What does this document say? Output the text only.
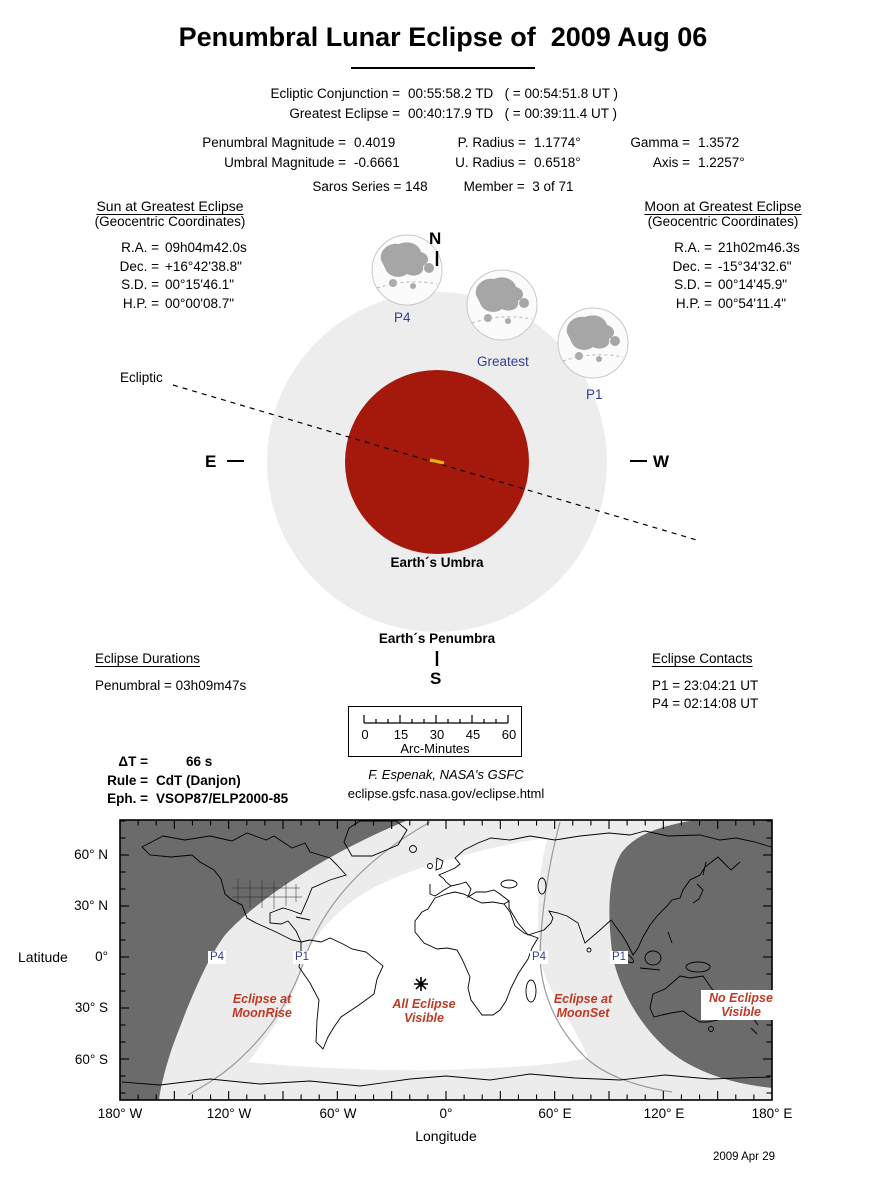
Penumbral Lunar Eclipse of  2009 Aug 06
Ecliptic Conjunction = 00:55:58.2 TD   ( = 00:54:51.8 UT )
Greatest Eclipse = 00:40:17.9 TD   ( = 00:39:11.4 UT )
Penumbral Magnitude = 0.4019
Umbral Magnitude = -0.6661
P. Radius = 1.1774°
U. Radius = 0.6518°
Gamma = 1.3572
Axis = 1.2257°
Saros Series = 148	Member =  3 of 71
Sun at Greatest Eclipse
(Geocentric Coordinates)
R.A. = 09h04m42.0s
Dec. = +16°42'38.8"
S.D. = 00°15'46.1"
H.P. = 00°00'08.7"
Moon at Greatest Eclipse
(Geocentric Coordinates)
R.A. = 21h02m46.3s
Dec. = -15°34'32.6"
S.D. = 00°14'45.9"
H.P. = 00°54'11.4"
Ecliptic
N
S
E	W
P4
Greatest
P1
Earth´s Umbra
Earth´s Penumbra
Eclipse Durations
Penumbral = 03h09m47s
Eclipse Contacts
P1 = 23:04:21 UT
P4 = 02:14:08 UT
0	15	30	45	60
Arc-Minutes
ΔT =	66 s
Rule = CdT (Danjon)
Eph. = VSOP87/ELP2000-85
F. Espenak, NASA's GSFC
eclipse.gsfc.nasa.gov/eclipse.html
60° N
30° N
0°
30° S
60° S
Latitude
180° W	120° W	60° W	0°	60° E	120° E	180° E
Longitude
Eclipse at
MoonRise
All Eclipse
Visible
Eclipse at
MoonSet
No Eclipse
Visible
P4	P1	P4	P1
2009 Apr 29
